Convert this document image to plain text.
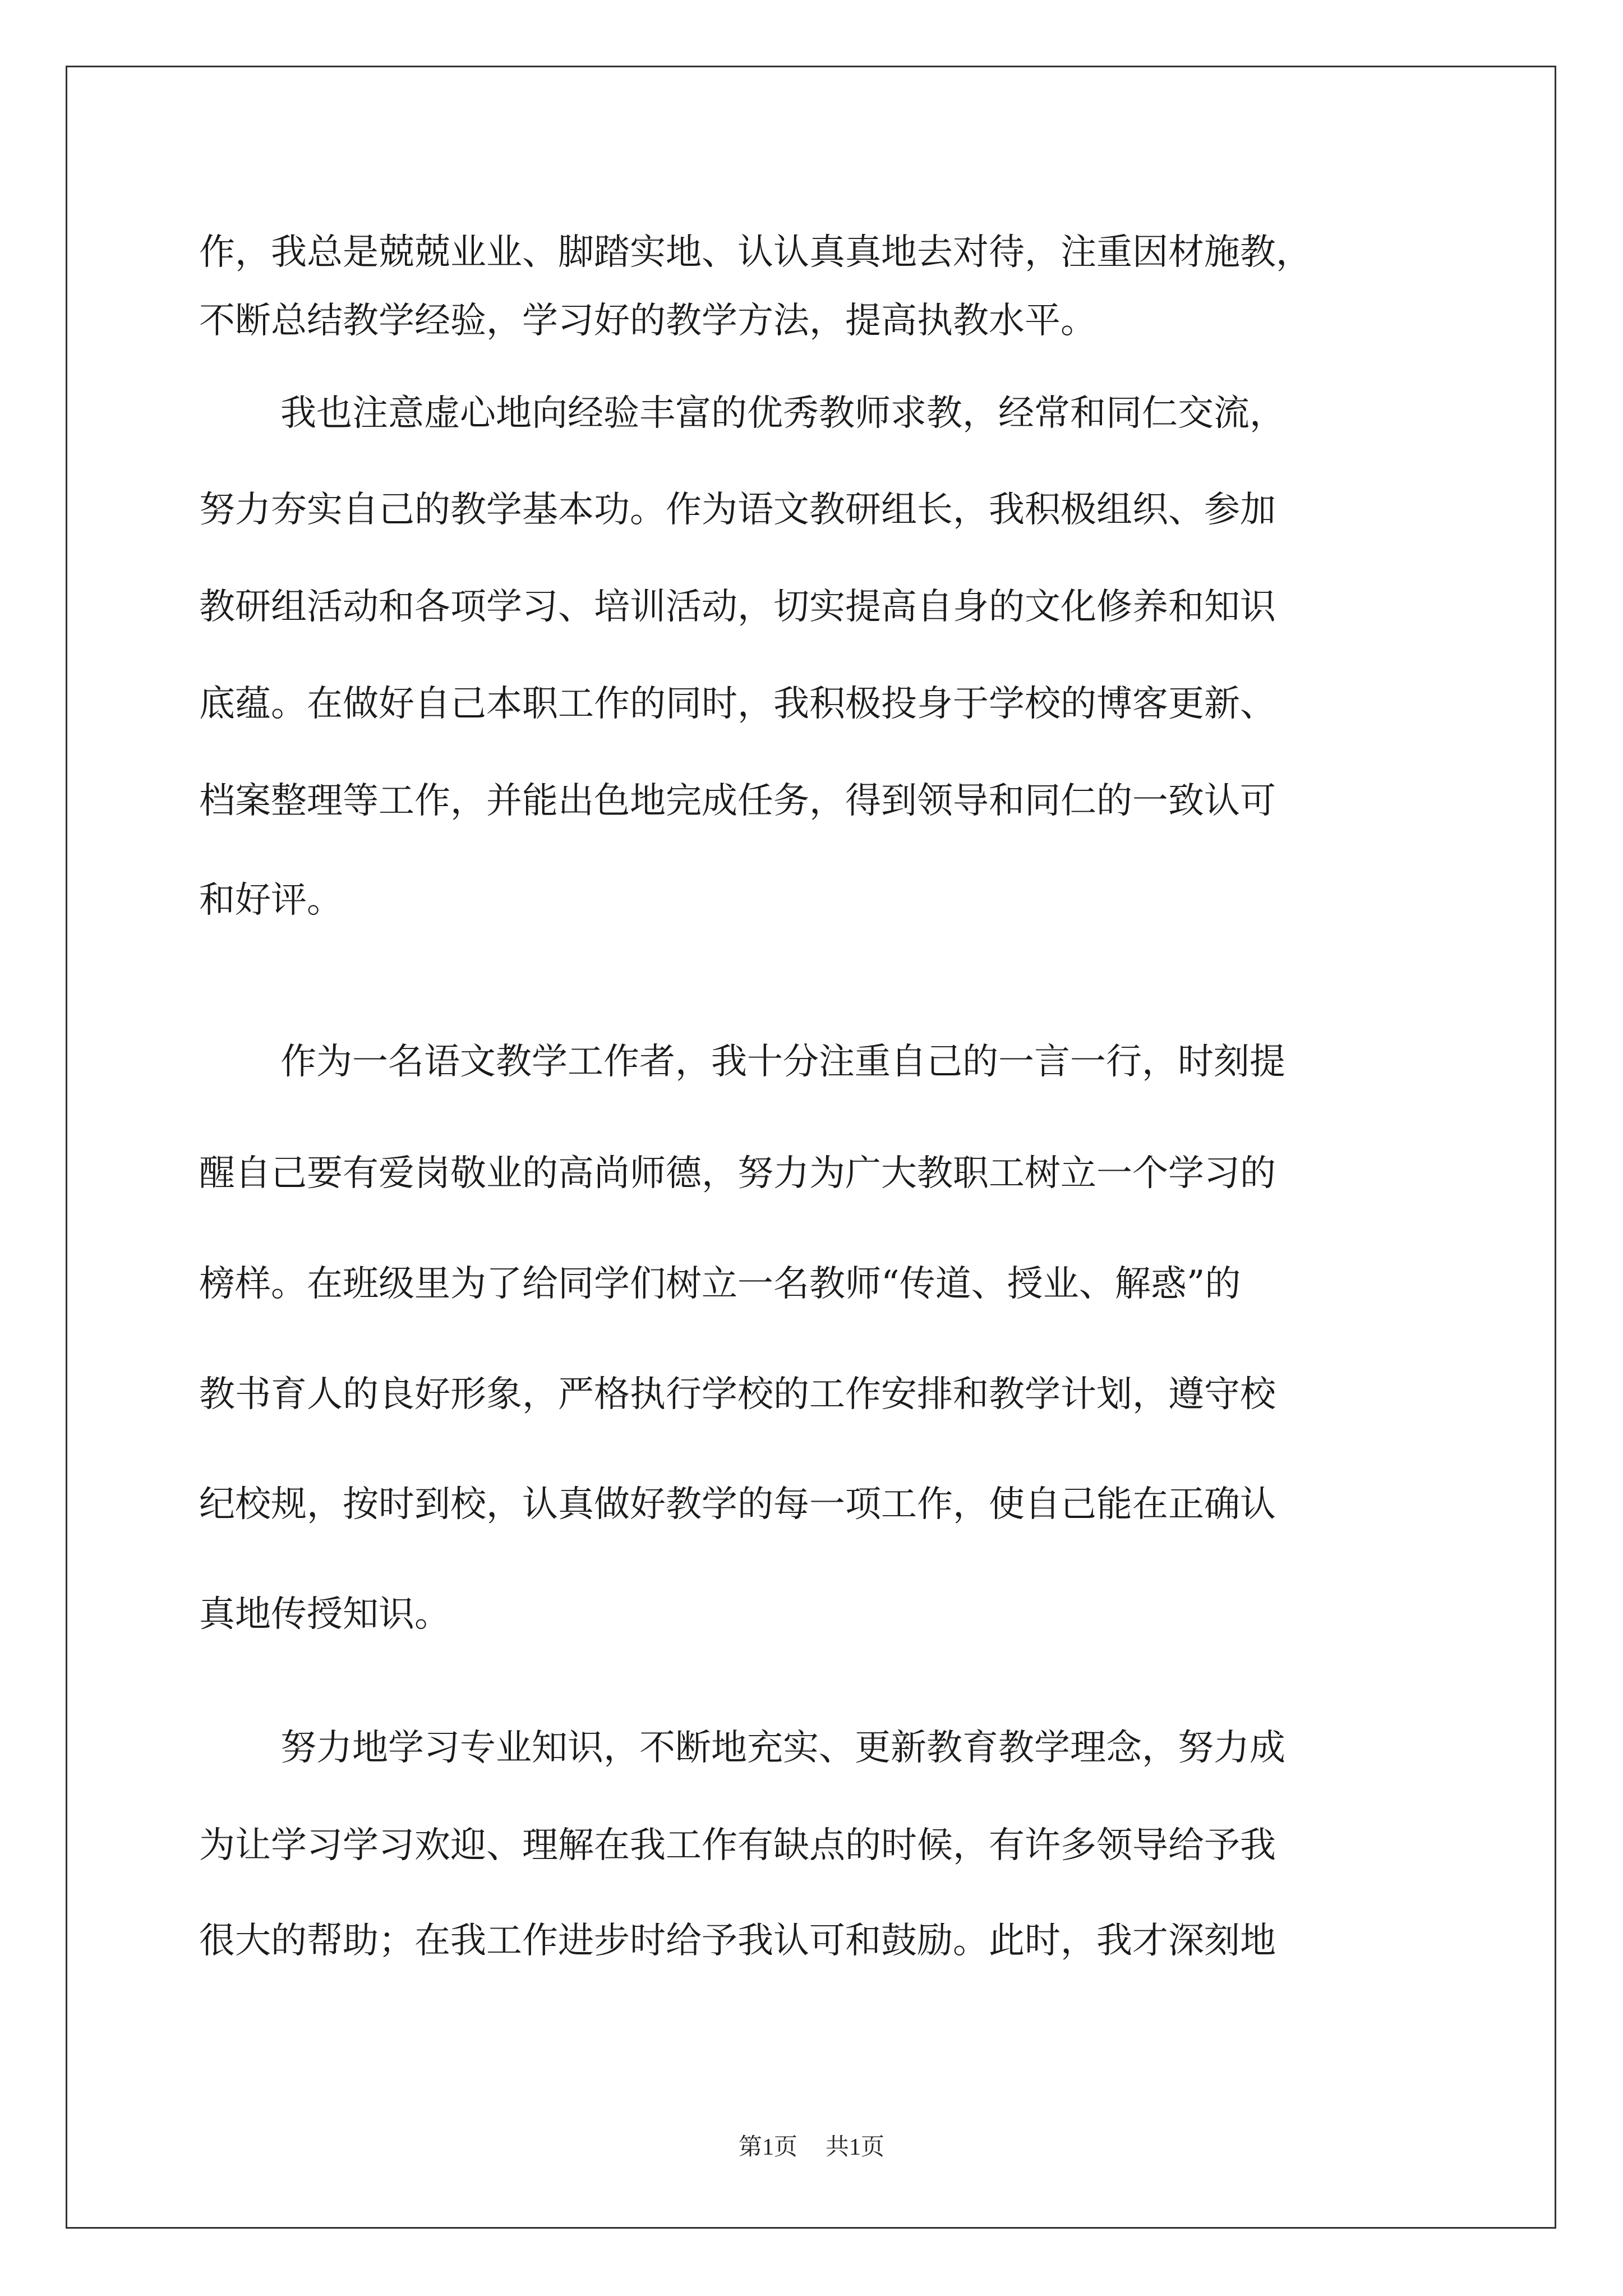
作，我总是兢兢业业、脚踏实地、认认真真地去对待，注重因材施教，
不断总结教学经验，学习好的教学方法，提高执教水平。
我也注意虚心地向经验丰富的优秀教师求教，经常和同仁交流，
努力夯实自己的教学基本功。作为语文教研组长，我积极组织、参加
教研组活动和各项学习、培训活动，切实提高自身的文化修养和知识
底蕴。在做好自己本职工作的同时，我积极投身于学校的博客更新、
档案整理等工作，并能出色地完成任务，得到领导和同仁的一致认可
和好评。
作为一名语文教学工作者，我十分注重自己的一言一行，时刻提
醒自己要有爱岗敬业的高尚师德，努力为广大教职工树立一个学习的
榜样。在班级里为了给同学们树立一名教师“传道、授业、解惑”的
教书育人的良好形象，严格执行学校的工作安排和教学计划，遵守校
纪校规，按时到校，认真做好教学的每一项工作，使自己能在正确认
真地传授知识。
努力地学习专业知识，不断地充实、更新教育教学理念，努力成
为让学习学习欢迎、理解在我工作有缺点的时候，有许多领导给予我
很大的帮助；在我工作进步时给予我认可和鼓励。此时，我才深刻地
第1页 共1页
